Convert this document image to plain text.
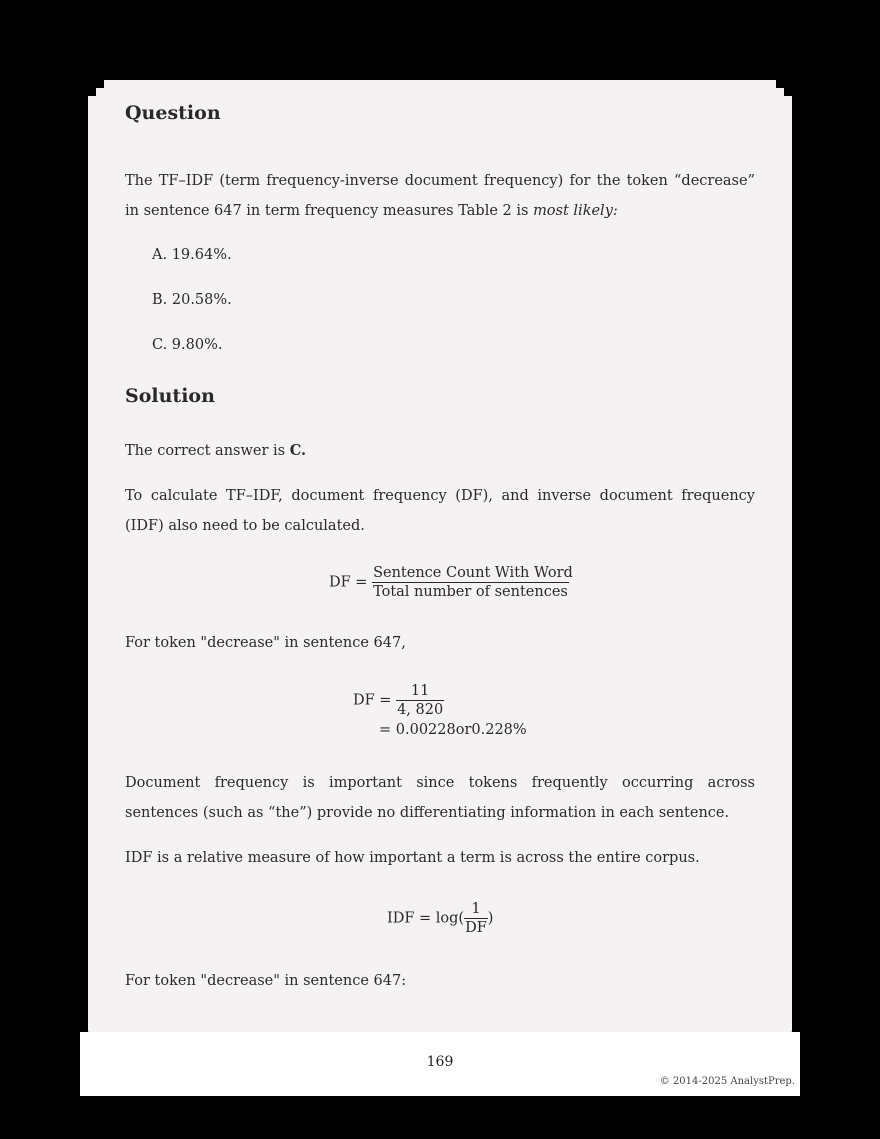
Question
The TF–IDF (term frequency-inverse document frequency) for the token “decrease” in sentence 647 in term frequency measures Table 2 is most likely:
A. 19.64%.
B. 20.58%.
C. 9.80%.
Solution
The correct answer is C.
To calculate TF–IDF, document frequency (DF), and inverse document frequency (IDF) also need to be calculated.
DF = $\frac{\text{Sentence Count With Word}}{\text{Total number of sentences}}$
For token "decrease" in sentence 647,
DF = $\frac{11}{4, 820}$
= 0.00228or0.228%
Document frequency is important since tokens frequently occurring across sentences (such as “the”) provide no differentiating information in each sentence.
IDF is a relative measure of how important a term is across the entire corpus.
IDF = $\log( \frac{1}{DF}$ )
For token "decrease" in sentence 647:
169
© 2014-2025 AnalystPrep.
